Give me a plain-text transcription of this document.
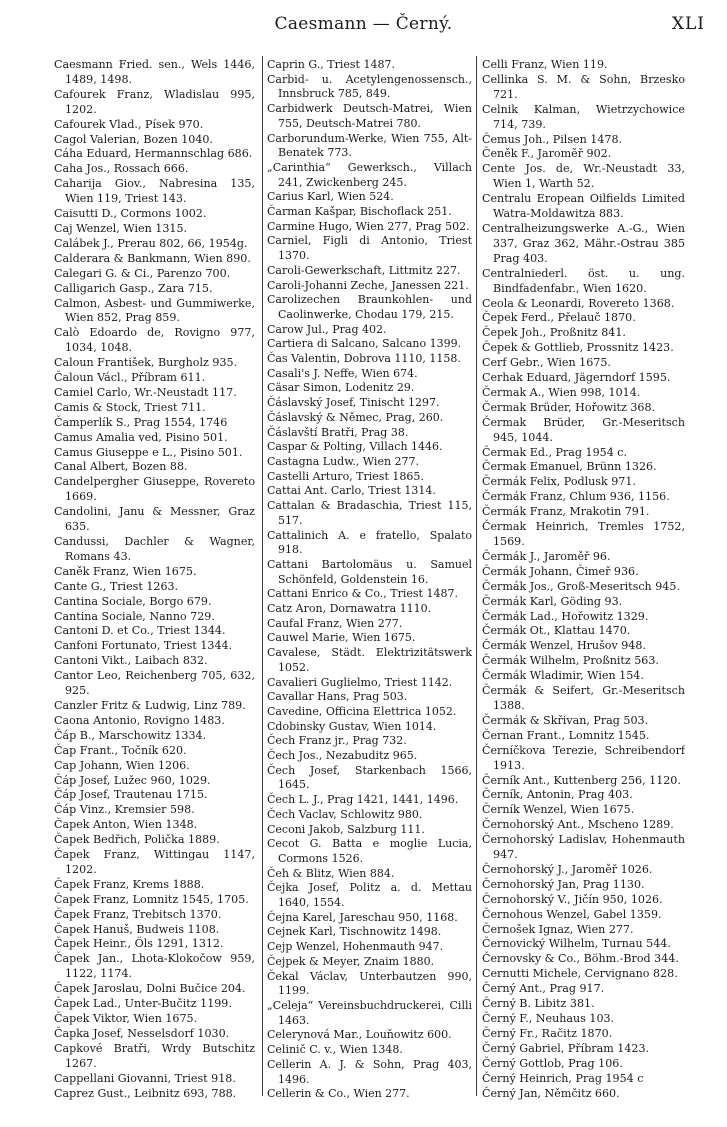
Caesmann — Černý.	XLI

Caesmann Fried. sen., Wels 1446, 1489, 1498.

Cafourek Franz, Wladislau 995, 1202.

Cafourek Vlad., Písek 970.

Cagol Valerian, Bozen 1040.

Cáha Eduard, Hermannschlag 686.

Caha Jos., Rossach 666.

Caharija Giov., Nabresina 135, Wien 119, Triest 143.

Caisutti D., Cormons 1002.

Caj Wenzel, Wien 1315.

Calábek J., Prerau 802, 66, 1954g.

Calderara & Bankmann, Wien 890.

Calegari G. & Ci., Parenzo 700.

Calligarich Gasp., Zara 715.

Calmon, Asbest- und Gummiwerke, Wien 852, Prag 859.

Calò Edoardo de, Rovigno 977, 1034, 1048.

Caloun František, Burgholz 935.

Čaloun Václ., Příbram 611.

Camiel Carlo, Wr.-Neustadt 117.

Camis & Stock, Triest 711.

Čamperlík S., Prag 1554, 1746

Camus Amalia ved, Pisino 501.

Camus Giuseppe e L., Pisino 501.

Canal Albert, Bozen 88.

Candelpergher Giuseppe, Rovereto 1669.

Candolini, Janu & Messner, Graz 635.

Candussi, Dachler & Wagner, Romans 43.

Caněk Franz, Wien 1675.

Cante G., Triest 1263.

Cantina Sociale, Borgo 679.

Cantina Sociale, Nanno 729.

Cantoni D. et Co., Triest 1344.

Canfoni Fortunato, Triest 1344.

Cantoni Vikt., Laibach 832.

Cantor Leo, Reichenberg 705, 632, 925.

Canzler Fritz & Ludwig, Linz 789.

Caona Antonio, Rovigno 1483.

Čáp B., Marschowitz 1334.

Čap Frant., Točník 620.

Cap Johann, Wien 1206.

Čáp Josef, Lužec 960, 1029.

Čáp Josef, Trautenau 1715.

Čáp Vinz., Kremsier 598.

Čapek Anton, Wien 1348.

Čapek Bedřich, Polička 1889.

Čapek Franz, Wittingau 1147, 1202.

Čapek Franz, Krems 1888.

Čapek Franz, Lomnitz 1545, 1705.

Čapek Franz, Trebitsch 1370.

Čapek Hanuš, Budweis 1108.

Čapek Heinr., Öls 1291, 1312.

Čapek Jan., Lhota-Klokočow 959, 1122, 1174.

Čapek Jaroslau, Dolni Bučice 204.

Čapek Lad., Unter-Bučitz 1199.

Čapek Viktor, Wien 1675.

Čapka Josef, Nesselsdorf 1030.

Capkové Bratři, Wrdy Butschitz 1267.

Cappellani Giovanni, Triest 918.

Caprez Gust., Leibnitz 693, 788.

Caprin G., Triest 1487.

Carbid- u. Acetylengenossensch., Innsbruck 785, 849.

Carbidwerk Deutsch-Matrei, Wien 755, Deutsch-Matrei 780.

Carborundum-Werke, Wien 755, Alt-Benatek 773.

„Carinthia“ Gewerksch., Villach 241, Zwickenberg 245.

Carius Karl, Wien 524.

Čarman Kašpar, Bischoflack 251.

Carmine Hugo, Wien 277, Prag 502.

Carniel, Figli di Antonio, Triest 1370.

Caroli-Gewerkschaft, Littmitz 227.

Caroli-Johanni Zeche, Janessen 221.

Carolizechen Braunkohlen- und Caolinwerke, Chodau 179, 215.

Carow Jul., Prag 402.

Cartiera di Salcano, Salcano 1399.

Čas Valentin, Dobrova 1110, 1158.

Casali's J. Neffe, Wien 674.

Cäsar Simon, Lodenitz 29.

Čáslavský Josef, Tinischt 1297.

Čáslavský & Němec, Prag, 260.

Čáslavští Bratři, Prag 38.

Caspar & Polting, Villach 1446.

Castagna Ludw., Wien 277.

Castelli Arturo, Triest 1865.

Cattai Ant. Carlo, Triest 1314.

Cattalan & Bradaschia, Triest 115, 517.

Cattalinich A. e fratello, Spalato 918.

Cattani Bartolomäus u. Samuel Schönfeld, Goldenstein 16.

Cattani Enrico & Co., Triest 1487.

Catz Aron, Dornawatra 1110.

Caufal Franz, Wien 277.

Cauwel Marie, Wien 1675.

Cavalese, Städt. Elektrizitätswerk 1052.

Cavalieri Guglielmo, Triest 1142.

Cavallar Hans, Prag 503.

Cavedine, Officina Elettrica 1052.

Cdobinsky Gustav, Wien 1014.

Čech Franz jr., Prag 732.

Čech Jos., Nezabuditz 965.

Čech Josef, Starkenbach 1566, 1645.

Čech L. J., Prag 1421, 1441, 1496.

Čech Vaclav, Schlowitz 980.

Ceconi Jakob, Salzburg 111.

Cecot G. Batta e moglie Lucia, Cormons 1526.

Čeh & Blitz, Wien 884.

Čejka Josef, Politz a. d. Mettau 1640, 1554.

Čejna Karel, Jareschau 950, 1168.

Cejnek Karl, Tischnowitz 1498.

Cejp Wenzel, Hohenmauth 947.

Čejpek & Meyer, Znaim 1880.

Čekal Václav, Unterbautzen 990, 1199.

„Celeja“ Vereinsbuchdruckerei, Cilli 1463.

Celerynová Mar., Louňowitz 600.

Celinič C. v., Wien 1348.

Cellerin A. J. & Sohn, Prag 403, 1496.

Cellerin & Co., Wien 277.

Celli Franz, Wien 119.

Cellinka S. M. & Sohn, Brzesko 721.

Celnik Kalman, Wietrzychowice 714, 739.

Čemus Joh., Pilsen 1478.

Čeněk F., Jaroměř 902.

Cente Jos. de, Wr.-Neustadt 33, Wien 1, Warth 52.

Centralu Eropean Oilfields Limited Watra-Moldawitza 883.

Centralheizungswerke A.-G., Wien 337, Graz 362, Mähr.-Ostrau 385 Prag 403.

Centralniederl. öst. u. ung. Bindfadenfabr., Wien 1620.

Ceola & Leonardi, Rovereto 1368.

Čepek Ferd., Přelauč 1870.

Čepek Joh., Proßnitz 841.

Čepek & Gottlieb, Prossnitz 1423.

Cerf Gebr., Wien 1675.

Cerhak Eduard, Jägerndorf 1595.

Čermak A., Wien 998, 1014.

Čermak Brüder, Hořowitz 368.

Čermak Brüder, Gr.-Meseritsch 945, 1044.

Čermak Ed., Prag 1954 c.

Čermak Emanuel, Brünn 1326.

Čermák Felix, Podlusk 971.

Čermák Franz, Chlum 936, 1156.

Čermák Franz, Mrakotin 791.

Čermak Heinrich, Tremles 1752, 1569.

Čermák J., Jaroměř 96.

Čermák Johann, Čimeř 936.

Čermák Jos., Groß-Meseritsch 945.

Čermák Karl, Göding 93.

Čermák Lad., Hořowitz 1329.

Čermák Ot., Klattau 1470.

Čermák Wenzel, Hrušov 948.

Čermák Wilhelm, Proßnitz 563.

Čermák Wladimir, Wien 154.

Čermák & Seifert, Gr.-Meseritsch 1388.

Čermák & Skřivan, Prag 503.

Černan Frant., Lomnitz 1545.

Černíčkova Terezie, Schreibendorf 1913.

Černík Ant., Kuttenberg 256, 1120.

Černík, Antonin, Prag 403.

Černík Wenzel, Wien 1675.

Černohorský Ant., Mscheno 1289.

Černohorský Ladislav, Hohenmauth 947.

Černohorský J., Jaroměř 1026.

Černohorský Jan, Prag 1130.

Černohorský V., Jičín 950, 1026.

Černohous Wenzel, Gabel 1359.

Černošek Ignaz, Wien 277.

Černovický Wilhelm, Turnau 544.

Černovsky & Co., Böhm.-Brod 344.

Cernutti Michele, Cervignano 828.

Černý Ant., Prag 917.

Černý B. Libitz 381.

Černý F., Neuhaus 103.

Černý Fr., Račitz 1870.

Černý Gabriel, Příbram 1423.

Černý Gottlob, Prag 106.

Černý Heinrich, Prag 1954 c

Černý Jan, Němčitz 660.
